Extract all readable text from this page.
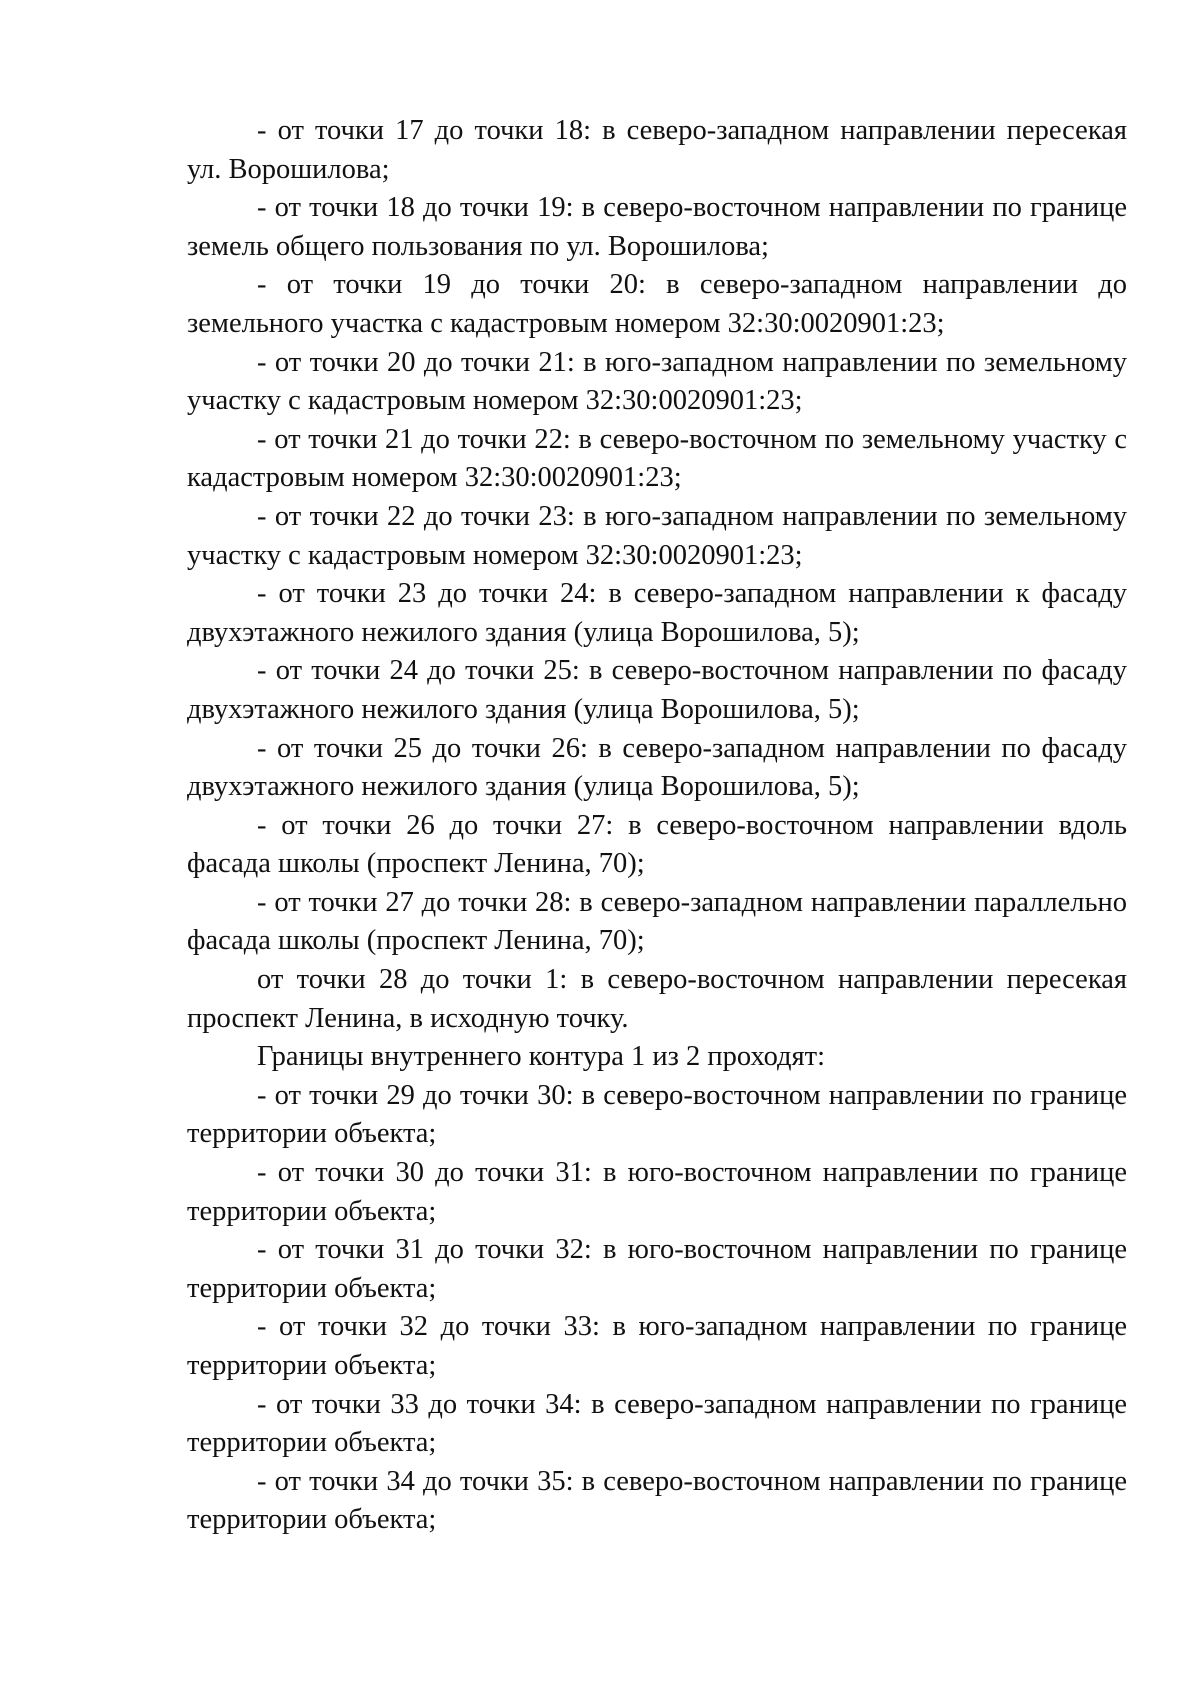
- от точки 17 до точки 18: в северо-западном направлении пересекая ул. Ворошилова;

- от точки 18 до точки 19: в северо-восточном направлении по границе земель общего пользования по ул. Ворошилова;

- от точки 19 до точки 20: в северо-западном направлении до земельного участка с кадастровым номером 32:30:0020901:23;

- от точки 20 до точки 21: в юго-западном направлении по земельному участку с кадастровым номером 32:30:0020901:23;

- от точки 21 до точки 22: в северо-восточном по земельному участку с кадастровым номером 32:30:0020901:23;

- от точки 22 до точки 23: в юго-западном направлении по земельному участку с кадастровым номером 32:30:0020901:23;

- от точки 23 до точки 24: в северо-западном направлении к фасаду двухэтажного нежилого здания (улица Ворошилова, 5);

- от точки 24 до точки 25: в северо-восточном направлении по фасаду двухэтажного нежилого здания (улица Ворошилова, 5);

- от точки 25 до точки 26: в северо-западном направлении по фасаду двухэтажного нежилого здания (улица Ворошилова, 5);

- от точки 26 до точки 27: в северо-восточном направлении вдоль фасада школы (проспект Ленина, 70);

- от точки 27 до точки 28: в северо-западном направлении параллельно фасада школы (проспект Ленина, 70);

от точки 28 до точки 1: в северо-восточном направлении пересекая проспект Ленина, в исходную точку.

Границы внутреннего контура 1 из 2 проходят:

- от точки 29 до точки 30: в северо-восточном направлении по границе территории объекта;

- от точки 30 до точки 31: в юго-восточном направлении по границе территории объекта;

- от точки 31 до точки 32: в юго-восточном направлении по границе территории объекта;

- от точки 32 до точки 33: в юго-западном направлении по границе территории объекта;

- от точки 33 до точки 34: в северо-западном направлении по границе территории объекта;

- от точки 34 до точки 35: в северо-восточном направлении по границе территории объекта;
